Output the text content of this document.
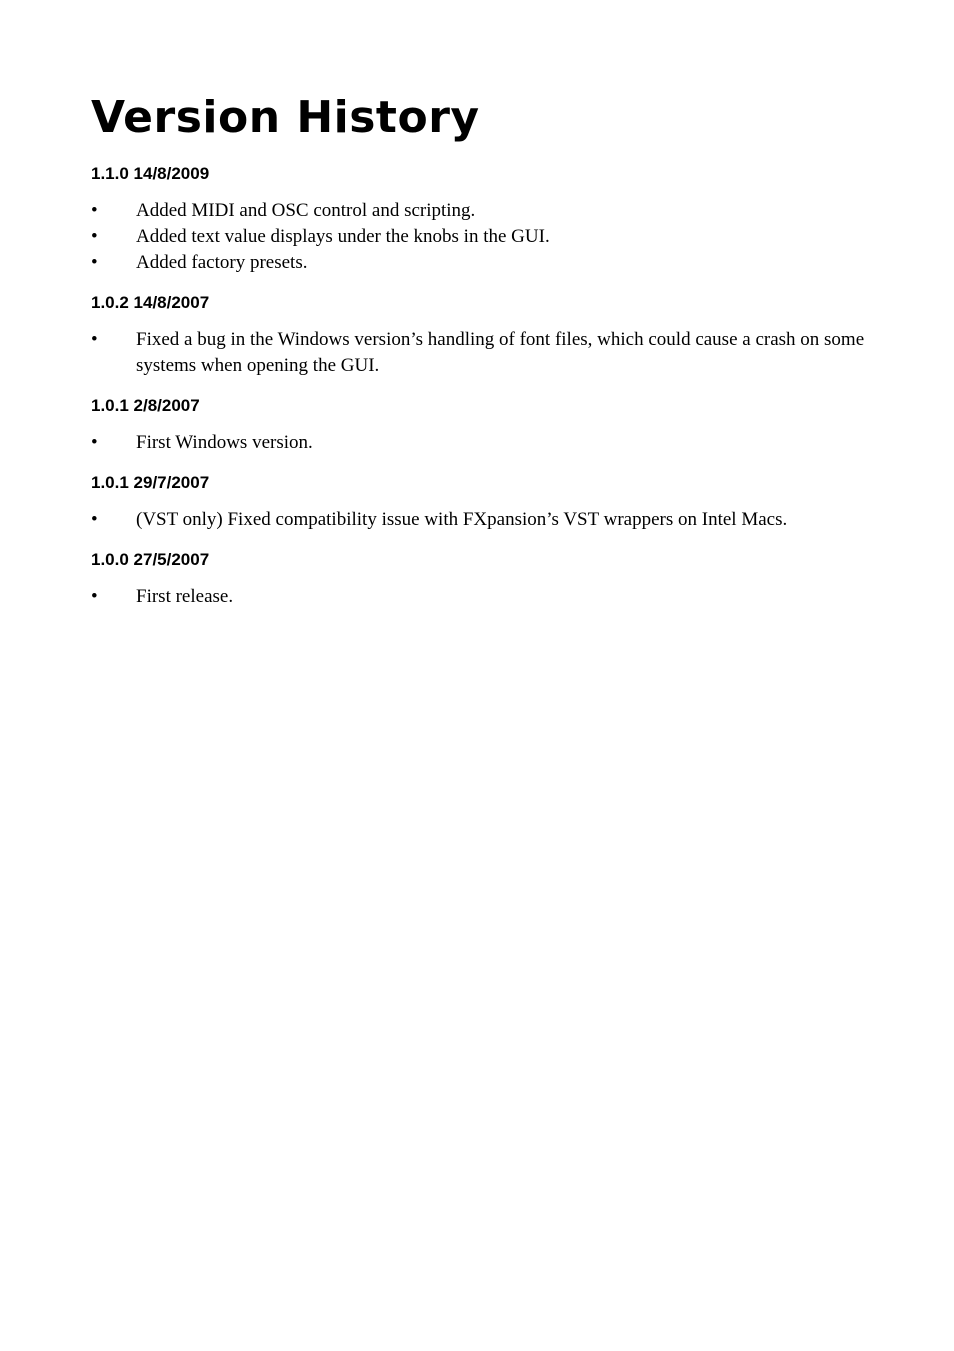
Version History
1.1.0 14/8/2009
• Added MIDI and OSC control and scripting.
• Added text value displays under the knobs in the GUI.
• Added factory presets.
1.0.2 14/8/2007
• Fixed a bug in the Windows version’s handling of font files, which could cause a crash on some systems when opening the GUI.
1.0.1 2/8/2007
• First Windows version.
1.0.1 29/7/2007
• (VST only) Fixed compatibility issue with FXpansion’s VST wrappers on Intel Macs.
1.0.0 27/5/2007
• First release.
